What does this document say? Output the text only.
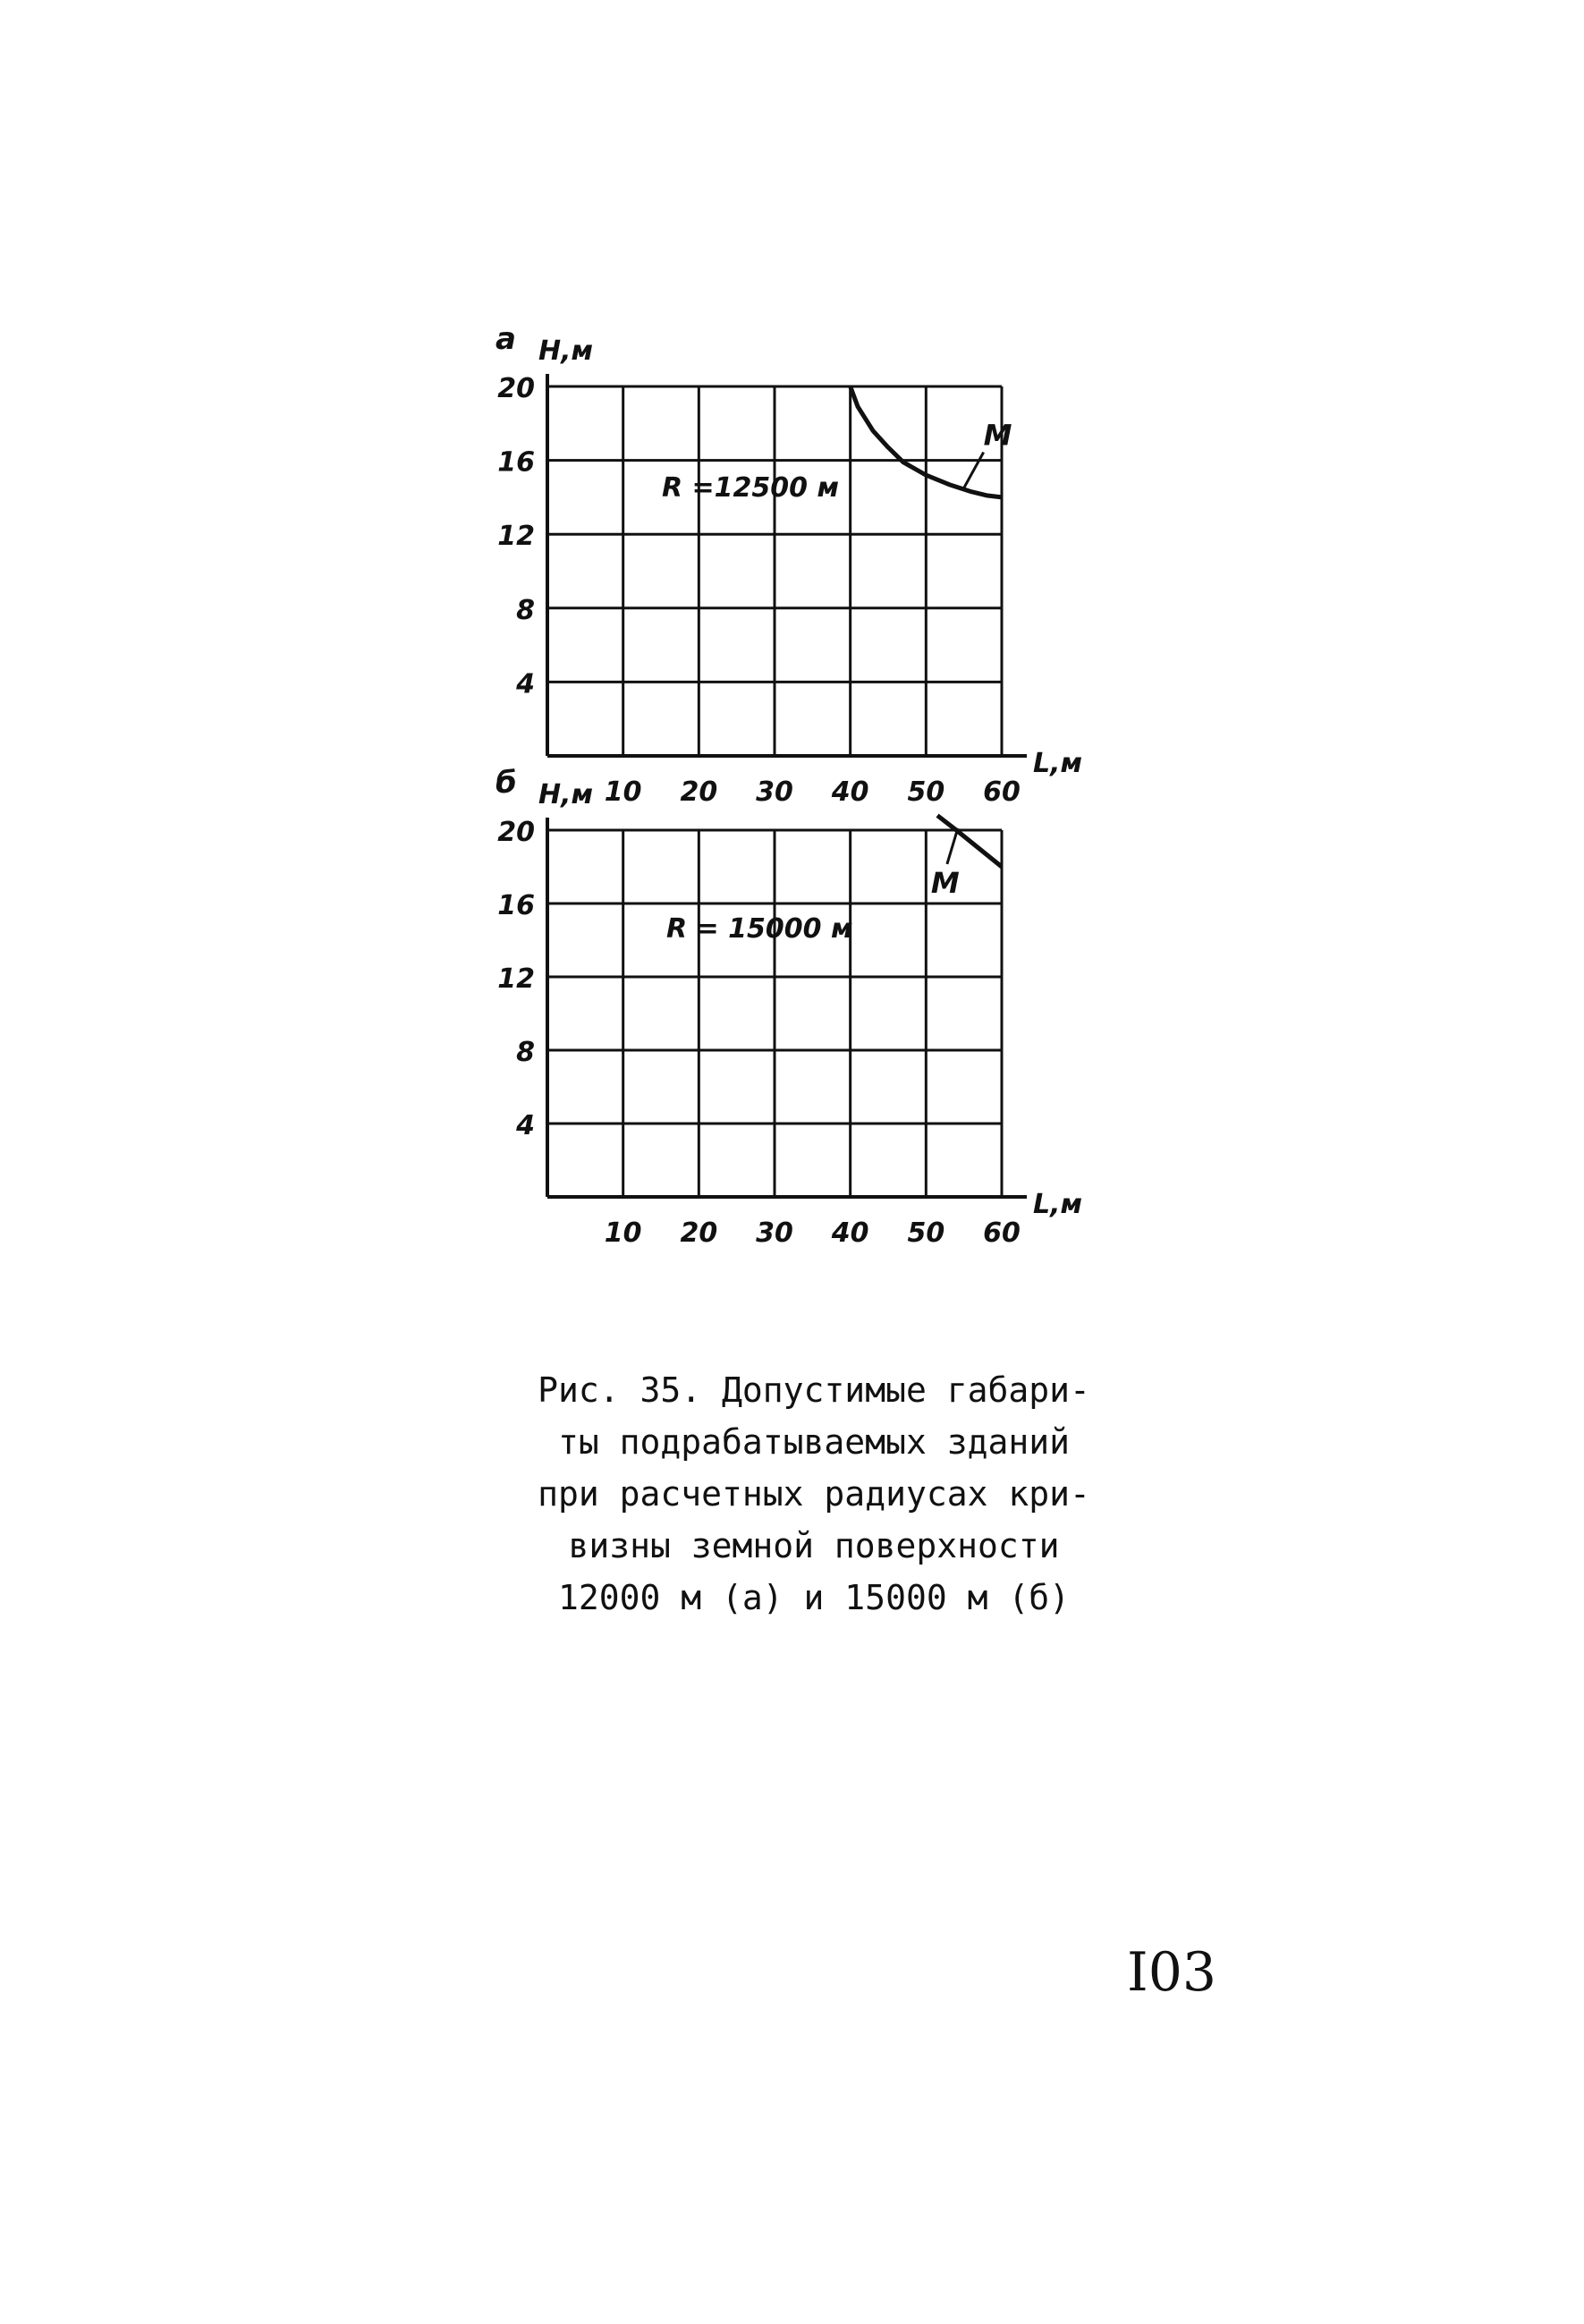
10 20 30 40 50 60
4
8
12
16
20
Н,м
L,м
а
R =12500 м
М
10 20 30 40 50 60
4
8
12
16
20
Н,м
L,м
б
R = 15000 м
М
Рис. 35. Допустимые габари-
ты подрабатываемых зданий
при расчетных радиусах кри-
визны земной поверхности
12000 м (а) и 15000 м (б)
I03
